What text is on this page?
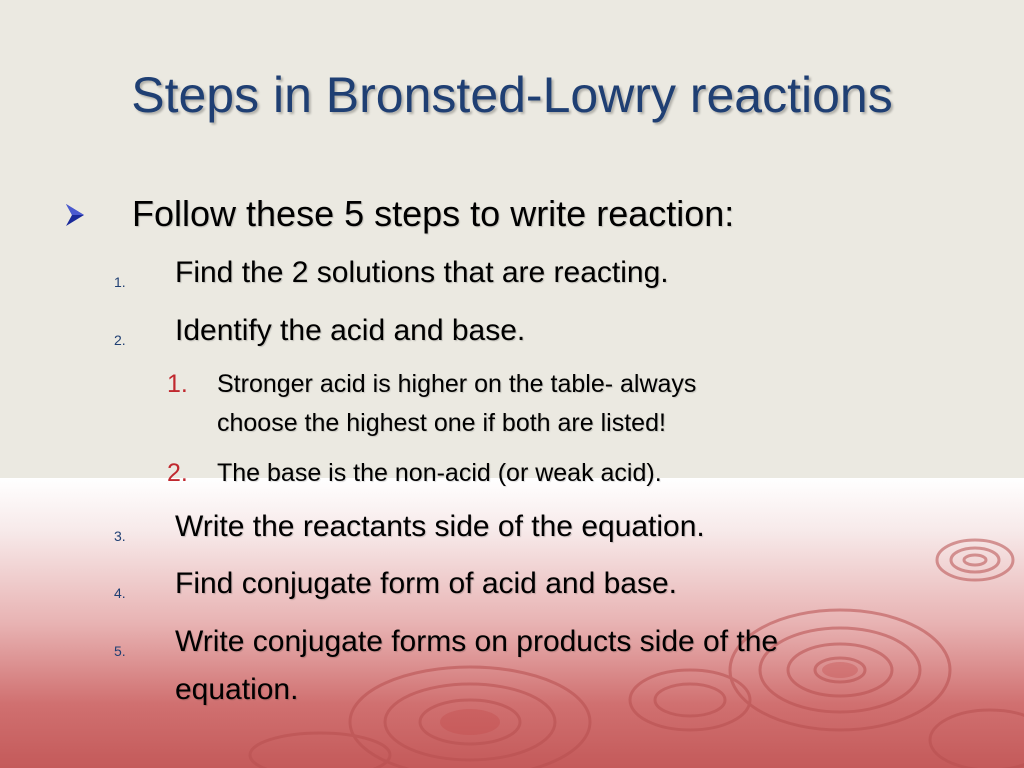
Steps in Bronsted-Lowry reactions
Follow these 5 steps to write reaction:
1. Find the 2 solutions that are reacting.
2. Identify the acid and base.
1. Stronger acid is higher on the table- always
choose the highest one if both are listed!
2. The base is the non-acid (or weak acid).
3. Write the reactants side of the equation.
4. Find conjugate form of acid and base.
5. Write conjugate forms on products side of the
equation.
